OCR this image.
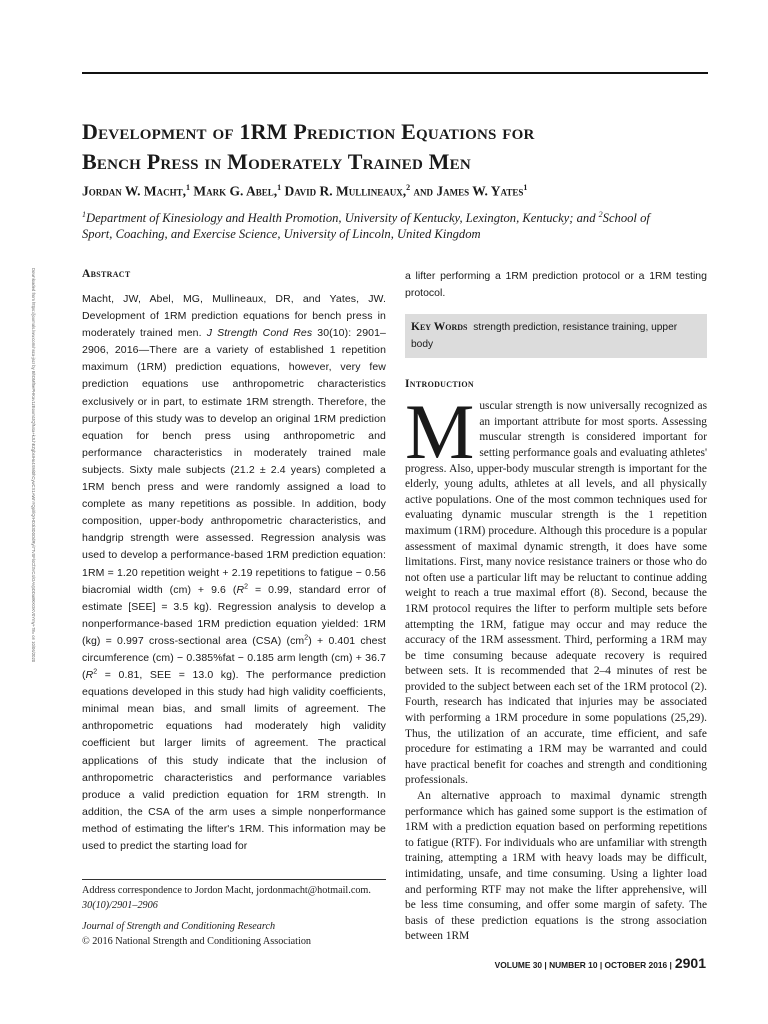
Development of 1RM Prediction Equations for
Bench Press in Moderately Trained Men

Jordan W. Macht,$^1$ Mark G. Abel,$^1$ David R. Mullineaux,$^2$ and James W. Yates$^1$

$^1$Department of Kinesiology and Health Promotion, University of Kentucky, Lexington, Kentucky; and $^2$School of Sport, Coaching, and Exercise Science, University of Lincoln, United Kingdom

Downloaded from https://journals.lww.com/nsca-jscr by BhDMf5ePHKav1zEoum1tQfN4a+kJLhEZgbsIHo4XMi0hCywCX1AWnYQp/IlQrHD3i3D0OdRyi7TvSFl4Cf3VC4/OAVpDDa8KKGKV0Ymy+78= on 10/06/2020	Abstract

Macht, JW, Abel, MG, Mullineaux, DR, and Yates, JW. Development of 1RM prediction equations for bench press in moderately trained men. J Strength Cond Res 30(10): 2901–2906, 2016—There are a variety of established 1 repetition maximum (1RM) prediction equations, however, very few prediction equations use anthropometric characteristics exclusively or in part, to estimate 1RM strength. Therefore, the purpose of this study was to develop an original 1RM prediction equation for bench press using anthropometric and performance characteristics in moderately trained male subjects. Sixty male subjects (21.2 ± 2.4 years) completed a 1RM bench press and were randomly assigned a load to complete as many repetitions as possible. In addition, body composition, upper-body anthropometric characteristics, and handgrip strength were assessed. Regression analysis was used to develop a performance-based 1RM prediction equation: 1RM = 1.20 repetition weight + 2.19 repetitions to fatigue − 0.56 biacromial width (cm) + 9.6 ($R^2 = 0.99$, standard error of estimate [SEE] = 3.5 kg). Regression analysis to develop a nonperformance-based 1RM prediction equation yielded: 1RM (kg) = 0.997 cross-sectional area (CSA) $(cm^2) + 0.401$ chest circumference (cm) − 0.385%fat − 0.185 arm length (cm) + 36.7 ($R^2 = 0.81$, SEE = 13.0 kg). The performance prediction equations developed in this study had high validity coefficients, minimal mean bias, and small limits of agreement. The anthropometric equations had moderately high validity coefficient but larger limits of agreement. The practical applications of this study indicate that the inclusion of anthropometric characteristics and performance variables produce a valid prediction equation for 1RM strength. In addition, the CSA of the arm uses a simple nonperformance method of estimating the lifter's 1RM. This information may be used to predict the starting load for

a lifter performing a 1RM prediction protocol or a 1RM testing protocol.

Key Words strength prediction, resistance training, upper body
Introduction

Muscular strength is now universally recognized as an important attribute for most sports. Assessing muscular strength is considered important for setting performance goals and evaluating athletes' progress. Also, upper-body muscular strength is important for the elderly, young adults, athletes at all levels, and all physically active populations. One of the most common techniques used for evaluating dynamic muscular strength is the 1 repetition maximum (1RM) procedure. Although this procedure is a popular assessment of maximal dynamic strength, it does have some limitations. First, many novice resistance trainers or those who do not often use a particular lift may be reluctant to continue adding weight to reach a true maximal effort (8). Second, because the 1RM protocol requires the lifter to perform multiple sets before attempting the 1RM, fatigue may occur and may reduce the accuracy of the 1RM assessment. Third, performing a 1RM may be time consuming because adequate recovery is required between sets. It is recommended that 2–4 minutes of rest be provided to the subject between each set of the 1RM protocol (2). Fourth, research has indicated that injuries may be associated with performing a 1RM procedure in some populations (25,29). Thus, the utilization of an accurate, time efficient, and safe procedure for estimating a 1RM may be warranted and could have practical benefit for coaches and strength and conditioning professionals.

An alternative approach to maximal dynamic strength performance which has gained some support is the estimation of 1RM with a prediction equation based on performing repetitions to fatigue (RTF). For individuals who are unfamiliar with strength training, attempting a 1RM with heavy loads may be difficult, intimidating, unsafe, and time consuming. Using a lighter load and performing RTF may not make the lifter apprehensive, will be less time consuming, and offer some margin of safety. The basis of these prediction equations is the strong association between 1RM

Address correspondence to Jordon Macht, jordonmacht@hotmail.com.

30(10)/2901–2906

Journal of Strength and Conditioning Research

© 2016 National Strength and Conditioning Association

VOLUME 30 | NUMBER 10 | OCTOBER 2016 | 2901
